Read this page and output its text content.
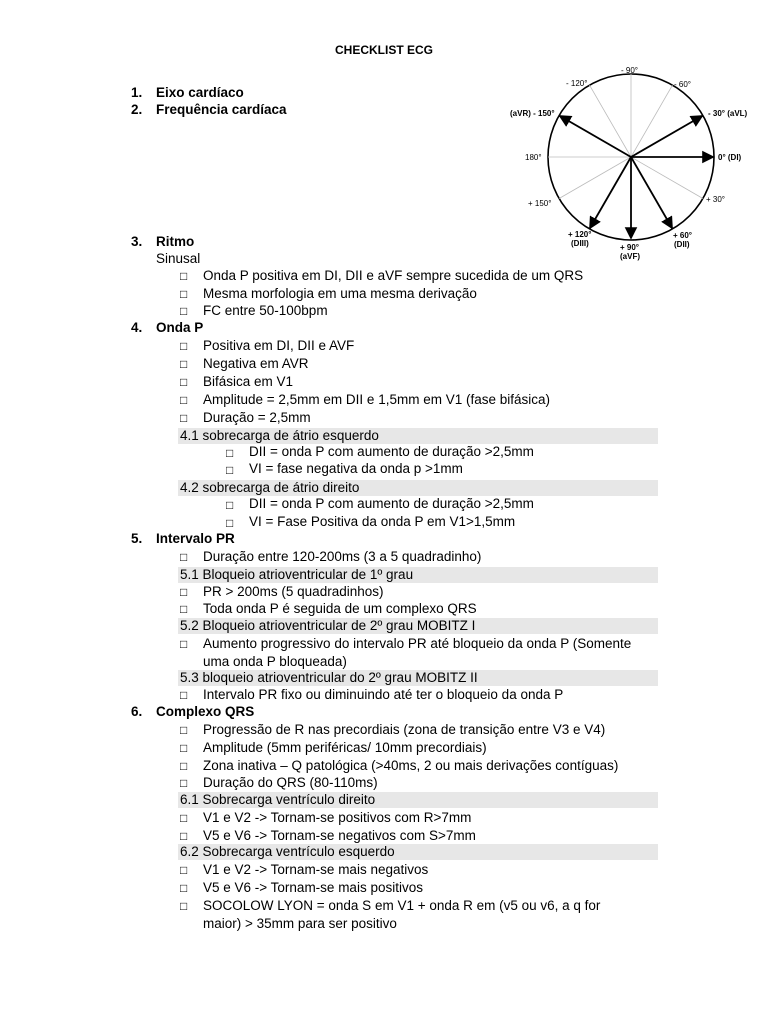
CHECKLIST ECG
- 90°
- 120°	- 60°
(aVR) - 150°	- 30° (aVL)
180°	0° (DI)
+ 150°	+ 30°
+ 120°
(DIII)	+ 90°
(aVF)
+ 60°
(DII)
1. Eixo cardíaco
2. Frequência cardíaca
3. Ritmo
Sinusal
□ Onda P positiva em DI, DII e aVF sempre sucedida de um QRS
□ Mesma morfologia em uma mesma derivação
□ FC entre 50-100bpm
4. Onda P
□ Positiva em DI, DII e AVF
□ Negativa em AVR
□ Bifásica em V1
□ Amplitude = 2,5mm em DII e 1,5mm em V1 (fase bifásica)
□ Duração = 2,5mm
4.1 sobrecarga de átrio esquerdo
□ DII = onda P com aumento de duração >2,5mm
□ VI = fase negativa da onda p >1mm
4.2 sobrecarga de átrio direito
□ DII = onda P com aumento de duração >2,5mm
□ VI = Fase Positiva da onda P em V1>1,5mm
5. Intervalo PR
□ Duração entre 120-200ms (3 a 5 quadradinho)
5.1 Bloqueio atrioventricular de 1º grau
□ PR > 200ms (5 quadradinhos)
□ Toda onda P é seguida de um complexo QRS
5.2 Bloqueio atrioventricular de 2º grau MOBITZ I
□ Aumento progressivo do intervalo PR até bloqueio da onda P (Somente
uma onda P bloqueada)
5.3 bloqueio atrioventricular do 2º grau MOBITZ II
□ Intervalo PR fixo ou diminuindo até ter o bloqueio da onda P
6. Complexo QRS
□ Progressão de R nas precordiais (zona de transição entre V3 e V4)
□ Amplitude (5mm periféricas/ 10mm precordiais)
□ Zona inativa – Q patológica (>40ms, 2 ou mais derivações contíguas)
□ Duração do QRS (80-110ms)
6.1 Sobrecarga ventrículo direito
□ V1 e V2 -> Tornam-se positivos com R>7mm
□ V5 e V6 -> Tornam-se negativos com S>7mm
6.2 Sobrecarga ventrículo esquerdo
□ V1 e V2 -> Tornam-se mais negativos
□ V5 e V6 -> Tornam-se mais positivos
□ SOCOLOW LYON = onda S em V1 + onda R em (v5 ou v6, a q for
maior) > 35mm para ser positivo
